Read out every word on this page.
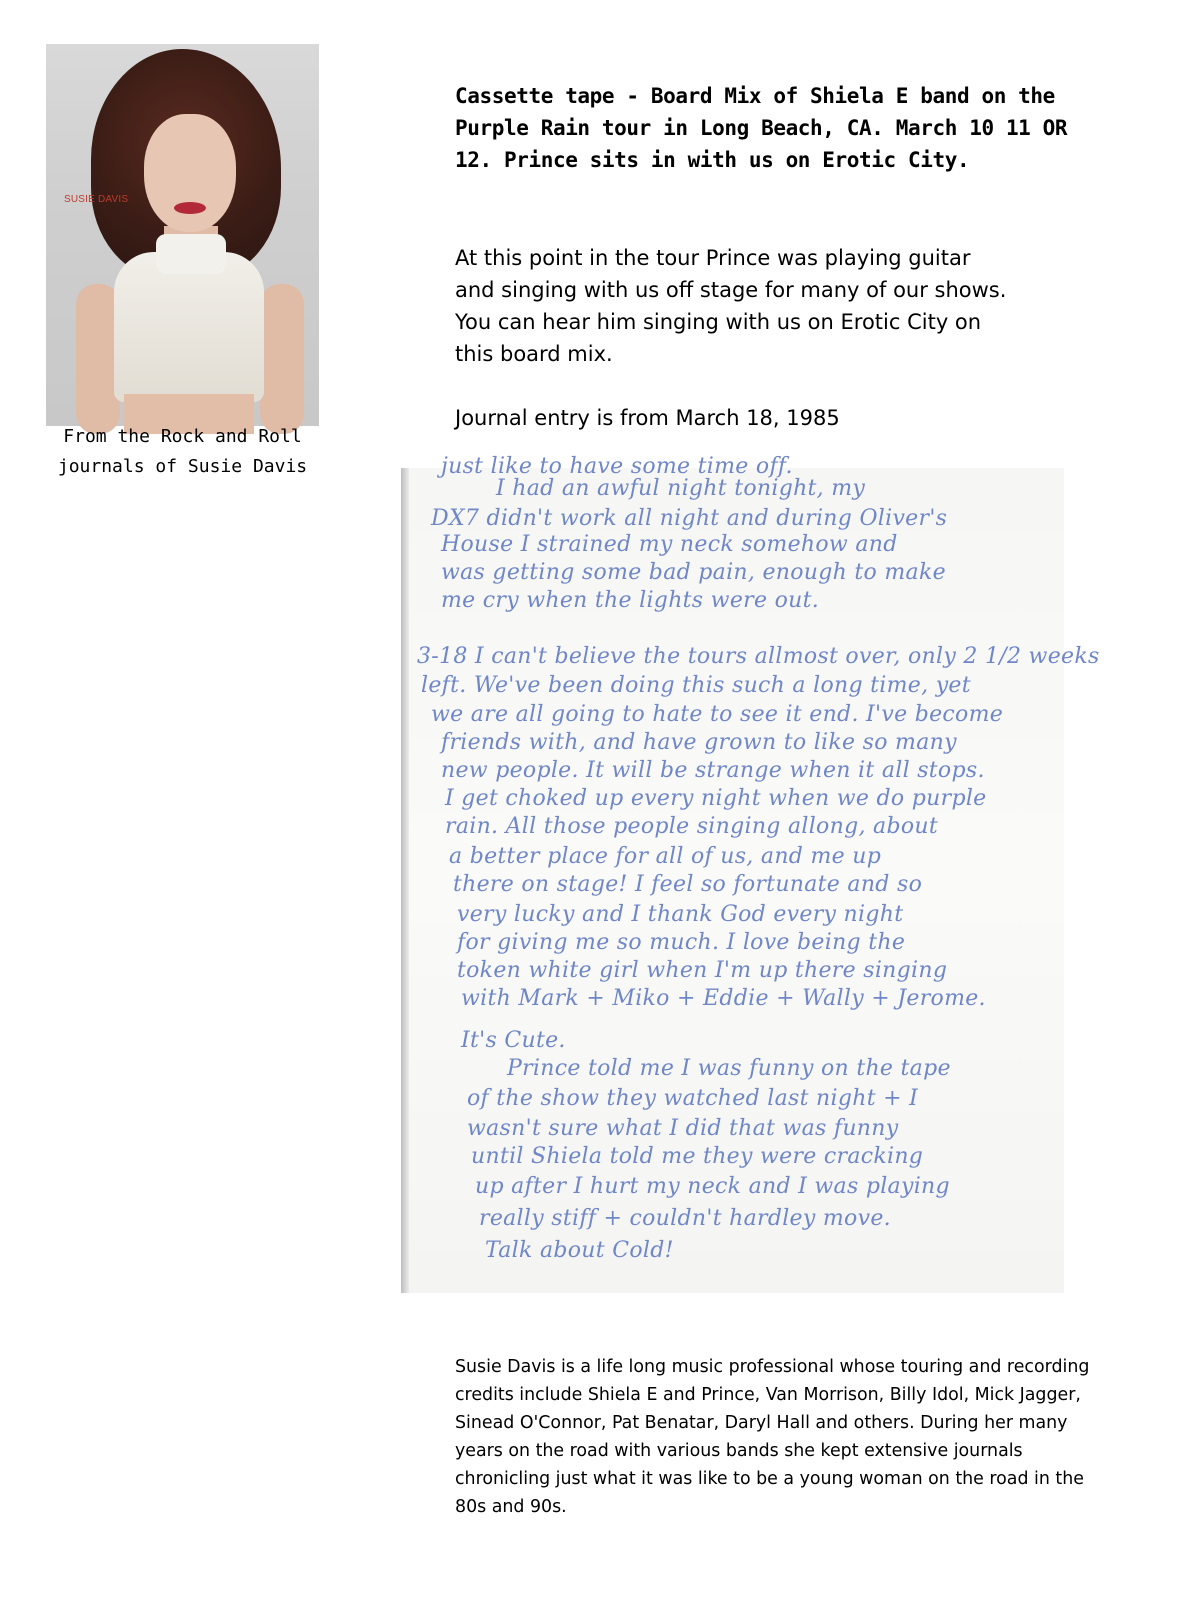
SUSIE DAVIS
From the Rock and Roll journals of Susie Davis
Cassette tape - Board Mix of Shiela E band on the Purple Rain tour in Long Beach, CA. March 10 11 OR 12. Prince sits in with us on Erotic City.
At this point in the tour Prince was playing guitar and singing with us off stage for many of our shows. You can hear him singing with us on Erotic City on this board mix.
Journal entry is from March 18, 1985
just like to have some time off.
I had an awful night tonight, my
DX7 didn't work all night and during Oliver's
House I strained my neck somehow and
was getting some bad pain, enough to make
me cry when the lights were out.
3-18 I can't believe the tours allmost over, only 2 1/2 weeks
left. We've been doing this such a long time, yet
we are all going to hate to see it end. I've become
friends with, and have grown to like so many
new people. It will be strange when it all stops.
I get choked up every night when we do purple
rain. All those people singing allong, about
a better place for all of us, and me up
there on stage! I feel so fortunate and so
very lucky and I thank God every night
for giving me so much. I love being the
token white girl when I'm up there singing
with Mark + Miko + Eddie + Wally + Jerome.
It's Cute.
Prince told me I was funny on the tape
of the show they watched last night + I
wasn't sure what I did that was funny
until Shiela told me they were cracking
up after I hurt my neck and I was playing
really stiff + couldn't hardley move.
Talk about Cold!
Susie Davis is a life long music professional whose touring and recording credits include Shiela E and Prince, Van Morrison, Billy Idol, Mick Jagger, Sinead O'Connor, Pat Benatar, Daryl Hall and others. During her many years on the road with various bands she kept extensive journals chronicling just what it was like to be a young woman on the road in the 80s and 90s.
